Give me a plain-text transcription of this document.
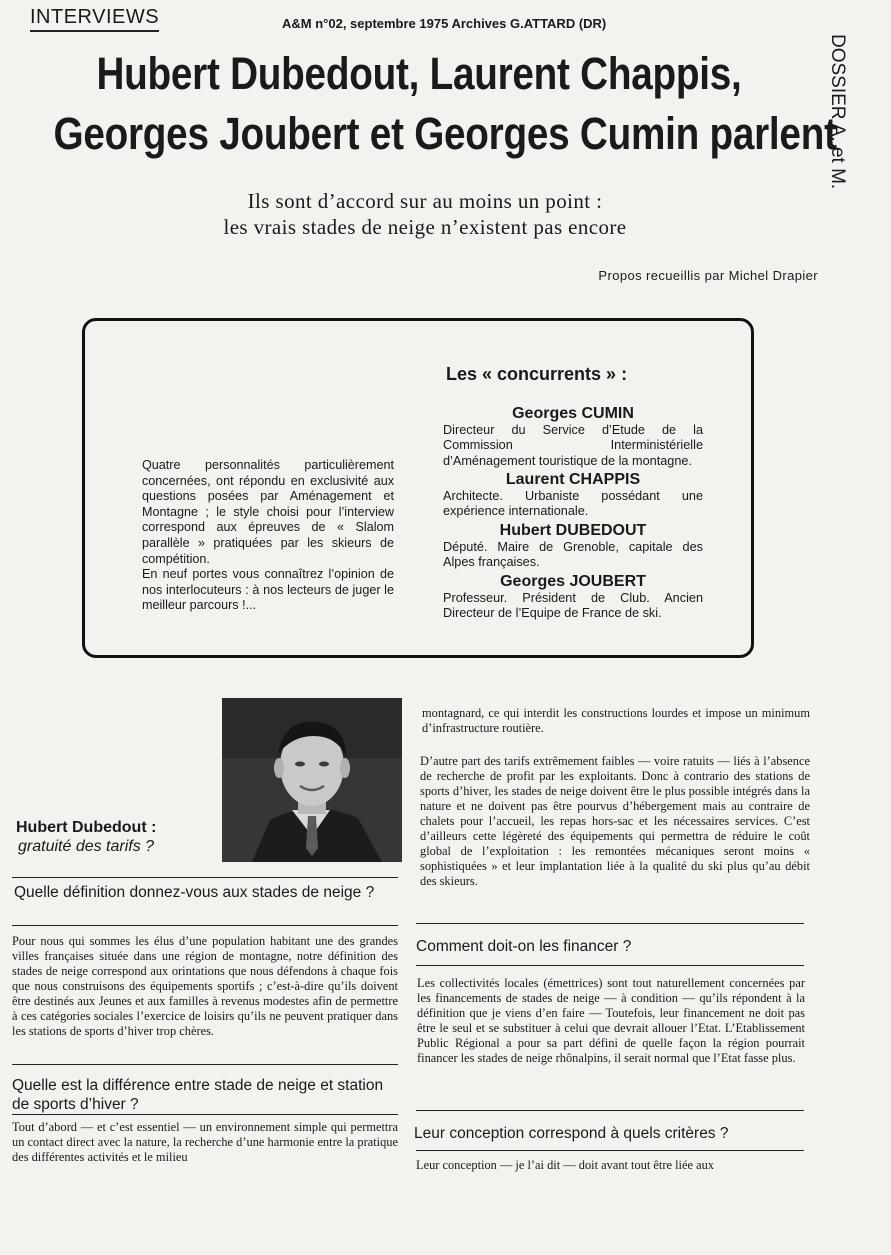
INTERVIEWS	A&M n°02, septembre 1975 Archives G.ATTARD (DR)
DOSSIER A. et M.
Hubert Dubedout, Laurent Chappis,
Georges Joubert et Georges Cumin parlent
Ils sont d’accord sur au moins un point :
les vrais stades de neige n’existent pas encore
Propos recueillis par Michel Drapier

Quatre personnalités particulièrement concernées, ont répondu en exclusivité aux questions posées par Aménagement et Montagne ; le style choisi pour l’interview correspond aux épreuves de « Slalom parallèle » pratiquées par les skieurs de compétition.

En neuf portes vous connaîtrez l’opinion de nos interlocuteurs : à nos lecteurs de juger le meilleur parcours !...

Les « concurrents » :
Georges CUMIN
Directeur du Service d’Etude de la Commission Interministérielle d’Aménagement touristique de la montagne.
Laurent CHAPPIS
Architecte. Urbaniste possédant une expérience internationale.
Hubert DUBEDOUT
Député. Maire de Grenoble, capitale des Alpes françaises.
Georges JOUBERT
Professeur. Président de Club. Ancien Directeur de l’Equipe de France de ski.
Hubert Dubedout :
gratuité des tarifs ?
Quelle définition donnez-vous aux stades de neige ?
Pour nous qui sommes les élus d’une population habitant une des grandes villes françaises située dans une région de montagne, notre définition des stades de neige correspond aux orintations que nous défendons à chaque fois que nous construisons des équipements sportifs ; c’est-à-dire qu’ils doivent être destinés aux Jeunes et aux familles à revenus modestes afin de permettre à ces catégories sociales l’exercice de loisirs qu’ils ne peuvent pratiquer dans les stations de sports d’hiver trop chères.
Quelle est la différence entre stade de neige et station de sports d’hiver ?
Tout d’abord — et c’est essentiel — un environnement simple qui permettra un contact direct avec la nature, la recherche d’une harmonie entre la pratique des différentes activités et le milieu
montagnard, ce qui interdit les constructions lourdes et impose un minimum d’infrastructure routière.
D’autre part des tarifs extrêmement faibles — voire ratuits — liés à l’absence de recherche de profit par les exploitants. Donc à contrario des stations de sports d’hiver, les stades de neige doivent être le plus possible intégrés dans la nature et ne doivent pas être pourvus d’hébergement mais au contraire de chalets pour l’accueil, les repas hors-sac et les nécessaires services. C’est d’ailleurs cette légèreté des équipements qui permettra de réduire le coût global de l’exploitation : les remontées mécaniques seront moins « sophistiquées » et leur implantation liée à la qualité du ski plus qu’au débit des skieurs.
Comment doit-on les financer ?
Les collectivités locales (émettrices) sont tout naturellement concernées par les financements de stades de neige — à condition — qu’ils répondent à la définition que je viens d’en faire — Toutefois, leur financement ne doit pas être le seul et se substituer à celui que devrait allouer l’Etat. L’Etablissement Public Régional a pour sa part défini de quelle façon la région pourrait financer les stades de neige rhônalpins, il serait normal que l’Etat fasse plus.
Leur conception correspond à quels critères ?
Leur conception — je l’ai dit — doit avant tout être liée aux
